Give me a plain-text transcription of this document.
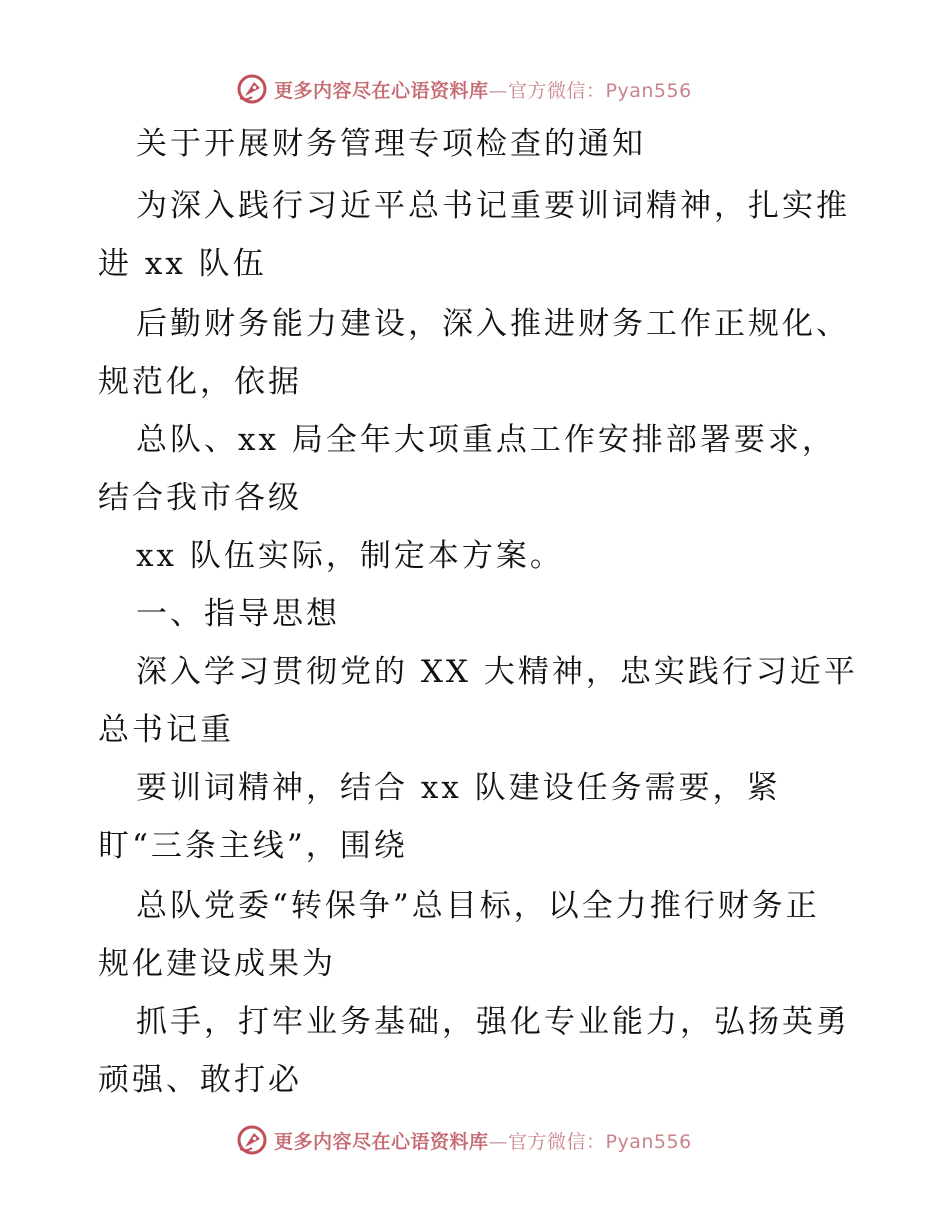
更多内容尽在心语资料库—官方微信：Pyan556
关于开展财务管理专项检查的通知
为深入践行习近平总书记重要训词精神，扎实推
进 xx 队伍
后勤财务能力建设，深入推进财务工作正规化、
规范化，依据
总队、xx 局全年大项重点工作安排部署要求，
结合我市各级
xx 队伍实际，制定本方案。
一、指导思想
深入学习贯彻党的 XX 大精神，忠实践行习近平
总书记重
要训词精神，结合 xx 队建设任务需要，紧
盯“三条主线”，围绕
总队党委“转保争”总目标，以全力推行财务正
规化建设成果为
抓手，打牢业务基础，强化专业能力，弘扬英勇
顽强、敢打必
更多内容尽在心语资料库—官方微信：Pyan556
